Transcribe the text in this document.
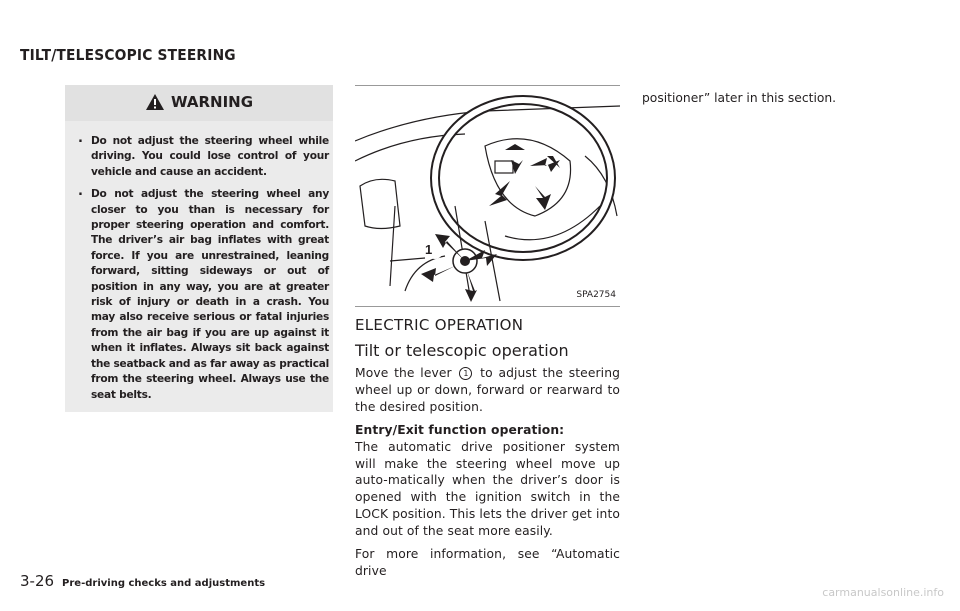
TILT/TELESCOPIC STEERING
WARNING
. Do not adjust the steering wheel while driving. You could lose control of your vehicle and cause an accident.
. Do not adjust the steering wheel any closer to you than is necessary for proper steering operation and comfort. The driver’s air bag inflates with great force. If you are unrestrained, leaning forward, sitting sideways or out of position in any way, you are at greater risk of injury or death in a crash. You may also receive serious or fatal injuries from the air bag if you are up against it when it inflates. Always sit back against the seatback and as far away as practical from the steering wheel. Always use the seat belts.
1
SPA2754
ELECTRIC OPERATION
Tilt or telescopic operation

Move the lever 1 to adjust the steering wheel up or down, forward or rearward to the desired position.

Entry/Exit function operation:

The automatic drive positioner system will make the steering wheel move up auto-matically when the driver’s door is opened with the ignition switch in the LOCK position. This lets the driver get into and out of the seat more easily.

For more information, see “Automatic drive

positioner” later in this section.
3-26 Pre-driving checks and adjustments
carmanualsonline.info
